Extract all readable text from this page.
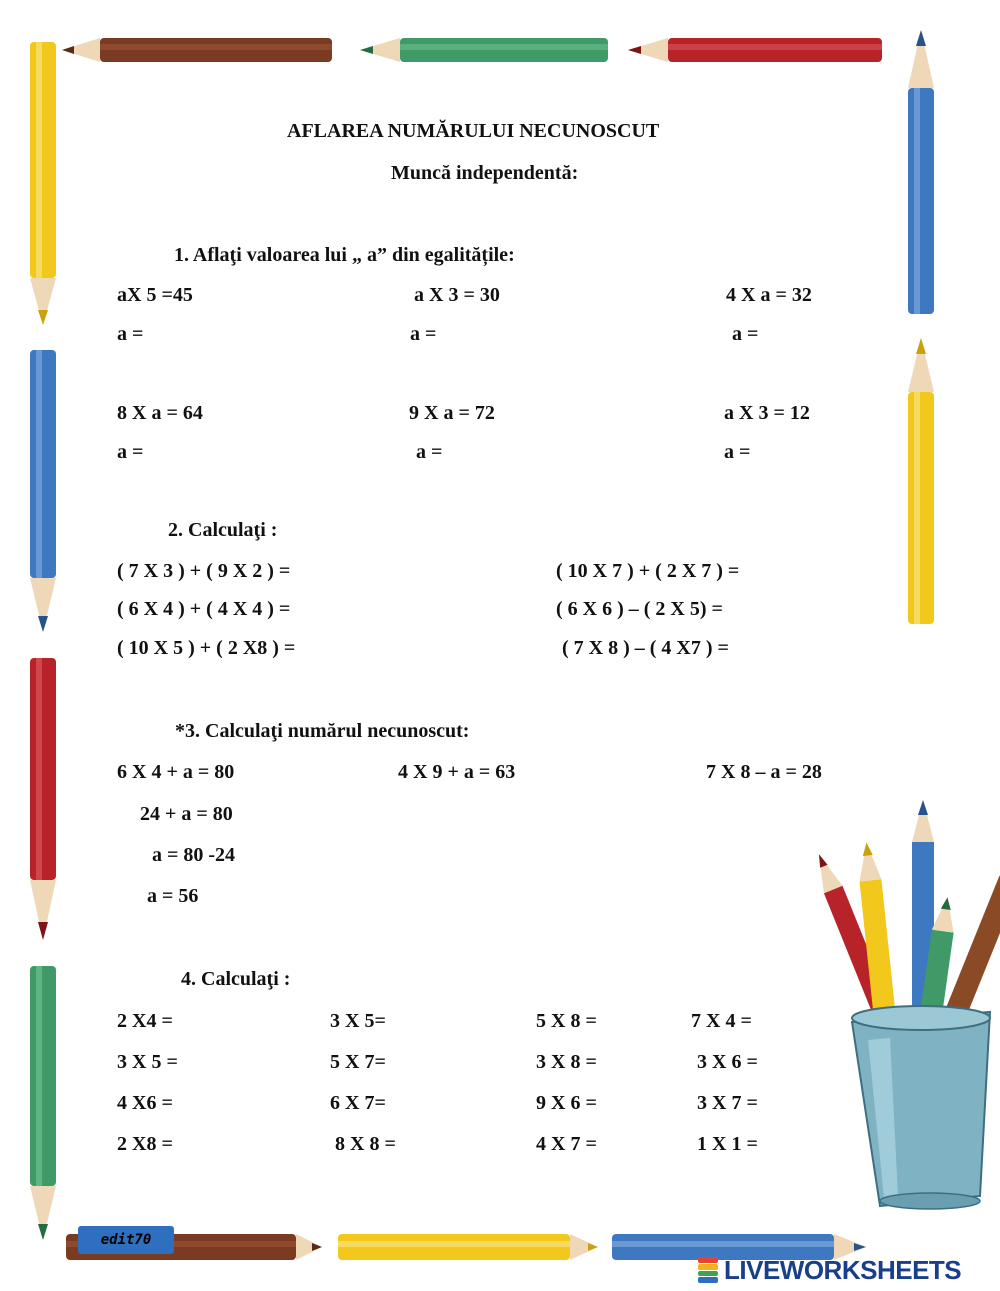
AFLAREA NUMĂRULUI NECUNOSCUT
Muncă independentă:
1. Aflaţi valoarea lui „ a” din egalitățile:
aX 5 =45	a X 3 = 30	4 X a = 32
a =	a =	a =
8 X a = 64	9 X a = 72	a X 3 = 12
a =	a =	a =
2. Calculaţi :
( 7 X 3 ) + ( 9 X 2 ) =	( 10 X 7 ) + ( 2 X 7 ) =
( 6 X 4 ) + ( 4 X 4 ) =	( 6 X 6 ) – ( 2 X 5) =
( 10 X 5 ) + ( 2 X8 ) =	( 7 X 8 ) – ( 4 X7 ) =
*3. Calculaţi numărul necunoscut:
6 X 4 + a = 80	4 X 9 + a = 63	7 X 8 – a = 28
24 + a = 80
a = 80 -24
a = 56
4. Calculaţi :
2 X4 =	3 X 5=	5 X 8 =	7 X 4 =
3 X 5 =	5 X 7=	3 X 8 =	3 X 6 =
4 X6 =	6 X 7=	9 X 6 =	3 X 7 =
2 X8 =	8 X 8 =	4 X 7 =	1 X 1 =
edit70
LIVEWORKSHEETS
